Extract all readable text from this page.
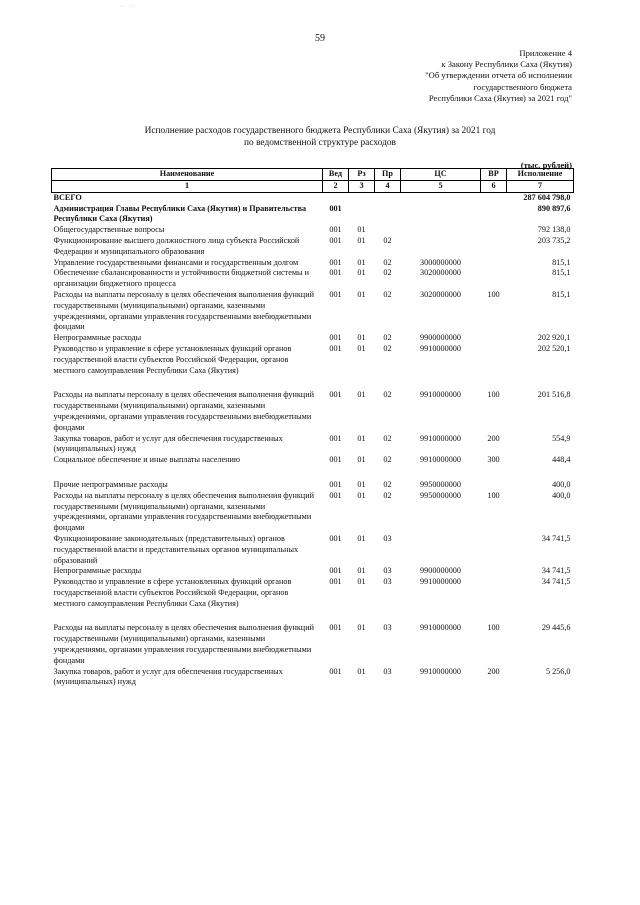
·· ··
59
Приложение 4
к Закону Республики Саха (Якутия)
"Об утверждении отчета об исполнении
государственного бюджета
Республики Саха (Якутия) за 2021 год"
Исполнение расходов государственного бюджета Республики Саха (Якутия) за 2021 год
по ведомственной структуре расходов
(тыс. рублей)
Наименование	Вед	Рз	Пр	ЦС	ВР	Исполнение
1	2	3	4	5	6	7
ВСЕГО						287 604 798,0
Администрация Главы Республики Саха (Якутия) и Правительства Республики Саха (Якутия)	001					890 897,6
Общегосударственные вопросы	001	01				792 138,0
Функционирование высшего должностного лица субъекта Российской Федерации и муниципального образования	001	01	02			203 735,2
Управление государственными финансами и государственным долгом	001	01	02	3000000000		815,1
Обеспечение сбалансированности и устойчивости бюджетной системы и организации бюджетного процесса	001	01	02	3020000000		815,1
Расходы на выплаты персоналу в целях обеспечения выполнения функций государственными (муниципальными) органами, казенными учреждениями, органами управления государственными внебюджетными фондами	001	01	02	3020000000	100	815,1
Непрограммные расходы	001	01	02	9900000000		202 920,1
Руководство и управление в сфере установленных функций органов государственной власти субъектов Российской Федерации, органов местного самоуправления Республики Саха (Якутия)	001	01	02	9910000000		202 520,1

Расходы на выплаты персоналу в целях обеспечения выполнения функций государственными (муниципальными) органами, казенными учреждениями, органами управления государственными внебюджетными фондами	001	01	02	9910000000	100	201 516,8
Закупка товаров, работ и услуг для обеспечения государственных (муниципальных) нужд	001	01	02	9910000000	200	554,9
Социальное обеспечение и иные выплаты населению	001	01	02	9910000000	300	448,4

Прочие непрограммные расходы	001	01	02	9950000000		400,0
Расходы на выплаты персоналу в целях обеспечения выполнения функций государственными (муниципальными) органами, казенными учреждениями, органами управления государственными внебюджетными фондами	001	01	02	9950000000	100	400,0
Функционирование законодательных (представительных) органов государственной власти и представительных органов муниципальных образований	001	01	03			34 741,5
Непрограммные расходы	001	01	03	9900000000		34 741,5
Руководство и управление в сфере установленных функций органов государственной власти субъектов Российской Федерации, органов местного самоуправления Республики Саха (Якутия)	001	01	03	9910000000		34 741,5

Расходы на выплаты персоналу в целях обеспечения выполнения функций государственными (муниципальными) органами, казенными учреждениями, органами управления государственными внебюджетными фондами	001	01	03	9910000000	100	29 445,6
Закупка товаров, работ и услуг для обеспечения государственных (муниципальных) нужд	001	01	03	9910000000	200	5 256,0
